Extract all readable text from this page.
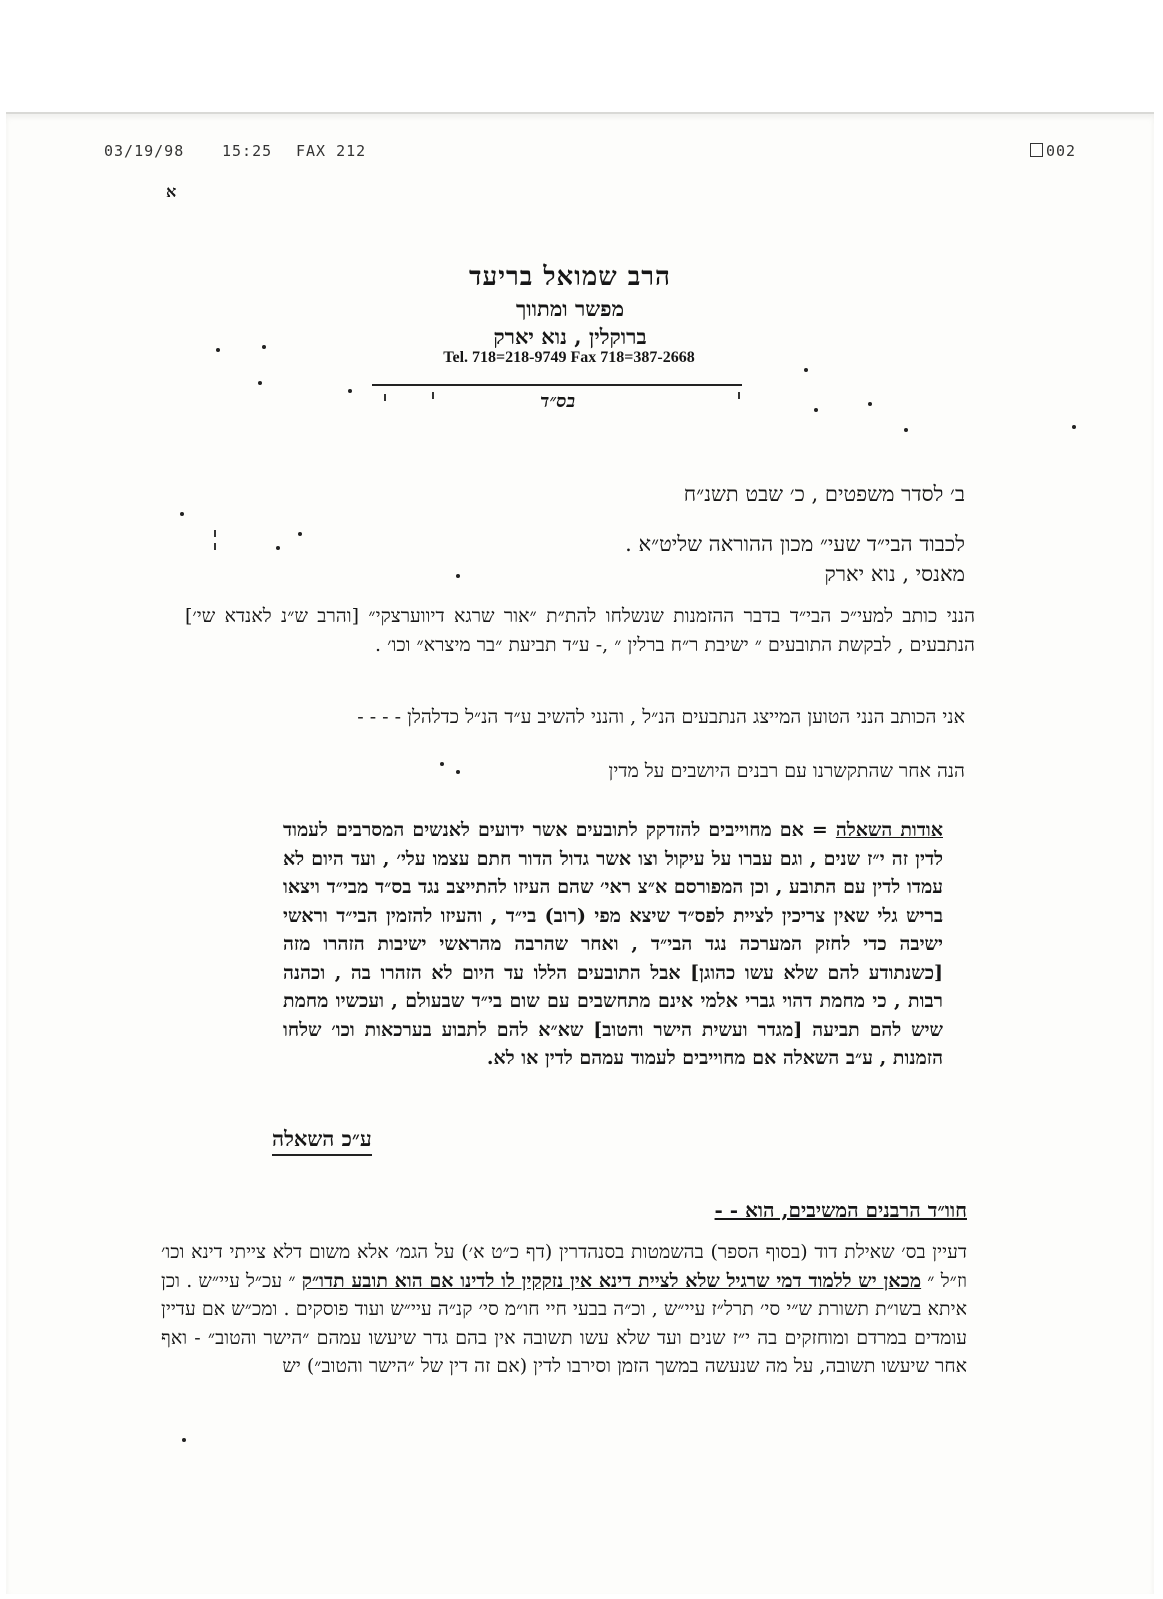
03/19/98	15:25 FAX 212	002
א
הרב שמואל בריעד
מפשר ומתווך
ברוקלין , נוא יארק
Tel. 718=218-9749 Fax 718=387-2668
בס״ד
ב׳ לסדר משפטים , כ׳ שבט תשנ״ח
לכבוד הבי״ד שעי״ מכון ההוראה שליט״א .
מאנסי , נוא יארק
הנני כותב למעי״כ הבי״ד בדבר ההזמנות שנשלחו להת״ת ״אור שרגא דיווערצקי״ [והרב ש״נ לאנדא שי׳] הנתבעים , לבקשת התובעים ״ ישיבת ר״ח ברלין ״ ,- ע״ד תביעת ״בר מיצרא״ וכו׳ .
אני הכותב הנני הטוען המייצג הנתבעים הנ״ל , והנני להשיב ע״ד הנ״ל כדלהלן - - - -
הנה אחר שהתקשרנו עם רבנים היושבים על מדין
אודות השאלה = אם מחוייבים להזדקק לתובעים אשר ידועים לאנשים המסרבים לעמוד לדין זה י״ז שנים , וגם עברו על עיקול וצו אשר גדול הדור חתם עצמו עלי׳ , ועד היום לא עמדו לדין עם התובע , וכן המפורסם א״צ ראי׳ שהם העיזו להתייצב נגד בס״ד מבי״ד ויצאו בריש גלי שאין צריכין לציית לפס״ד שיצא מפי (רוב) בי״ד , והעיזו להזמין הבי״ד וראשי ישיבה כדי לחזק המערכה נגד הבי״ד , ואחר שהרבה מהראשי ישיבות הזהרו מזה [כשנתודע להם שלא עשו כהוגן] אבל התובעים הללו עד היום לא הזהרו בה , וכהנה רבות , כי מחמת דהוי גברי אלמי אינם מתחשבים עם שום בי״ד שבעולם , ועכשיו מחמת שיש להם תביעה [מגדר ועשית הישר והטוב] שא״א להם לתבוע בערכאות וכו׳ שלחו הזמנות , ע״ב השאלה אם מחוייבים לעמוד עמהם לדין או לא.
ע״כ השאלה
חוו״ד הרבנים המשיבים, הוא - -
דעיין בס׳ שאילת דוד (בסוף הספר) בהשמטות בסנהדרין (דף כ״ט א׳) על הגמ׳ אלא משום דלא צייתי דינא וכו׳ וז״ל ״ מכאן יש ללמוד דמי שרגיל שלא לציית דינא אין נזקקין לו לדינו אם הוא תובע תדו״ק ״ עכ״ל עיי״ש . וכן איתא בשו״ת תשורת ש״י סי׳ תרל״ז עיי״ש , וכ״ה בבעי חיי חו״מ סי׳ קנ״ה עיי״ש ועוד פוסקים . ומכ״ש אם עדיין עומדים במרדם ומוחזקים בה י״ז שנים ועד שלא עשו תשובה אין בהם גדר שיעשו עמהם ״הישר והטוב״ - ואף אחר שיעשו תשובה, על מה שנעשה במשך הזמן וסירבו לדין (אם זה דין של ״הישר והטוב״) יש
